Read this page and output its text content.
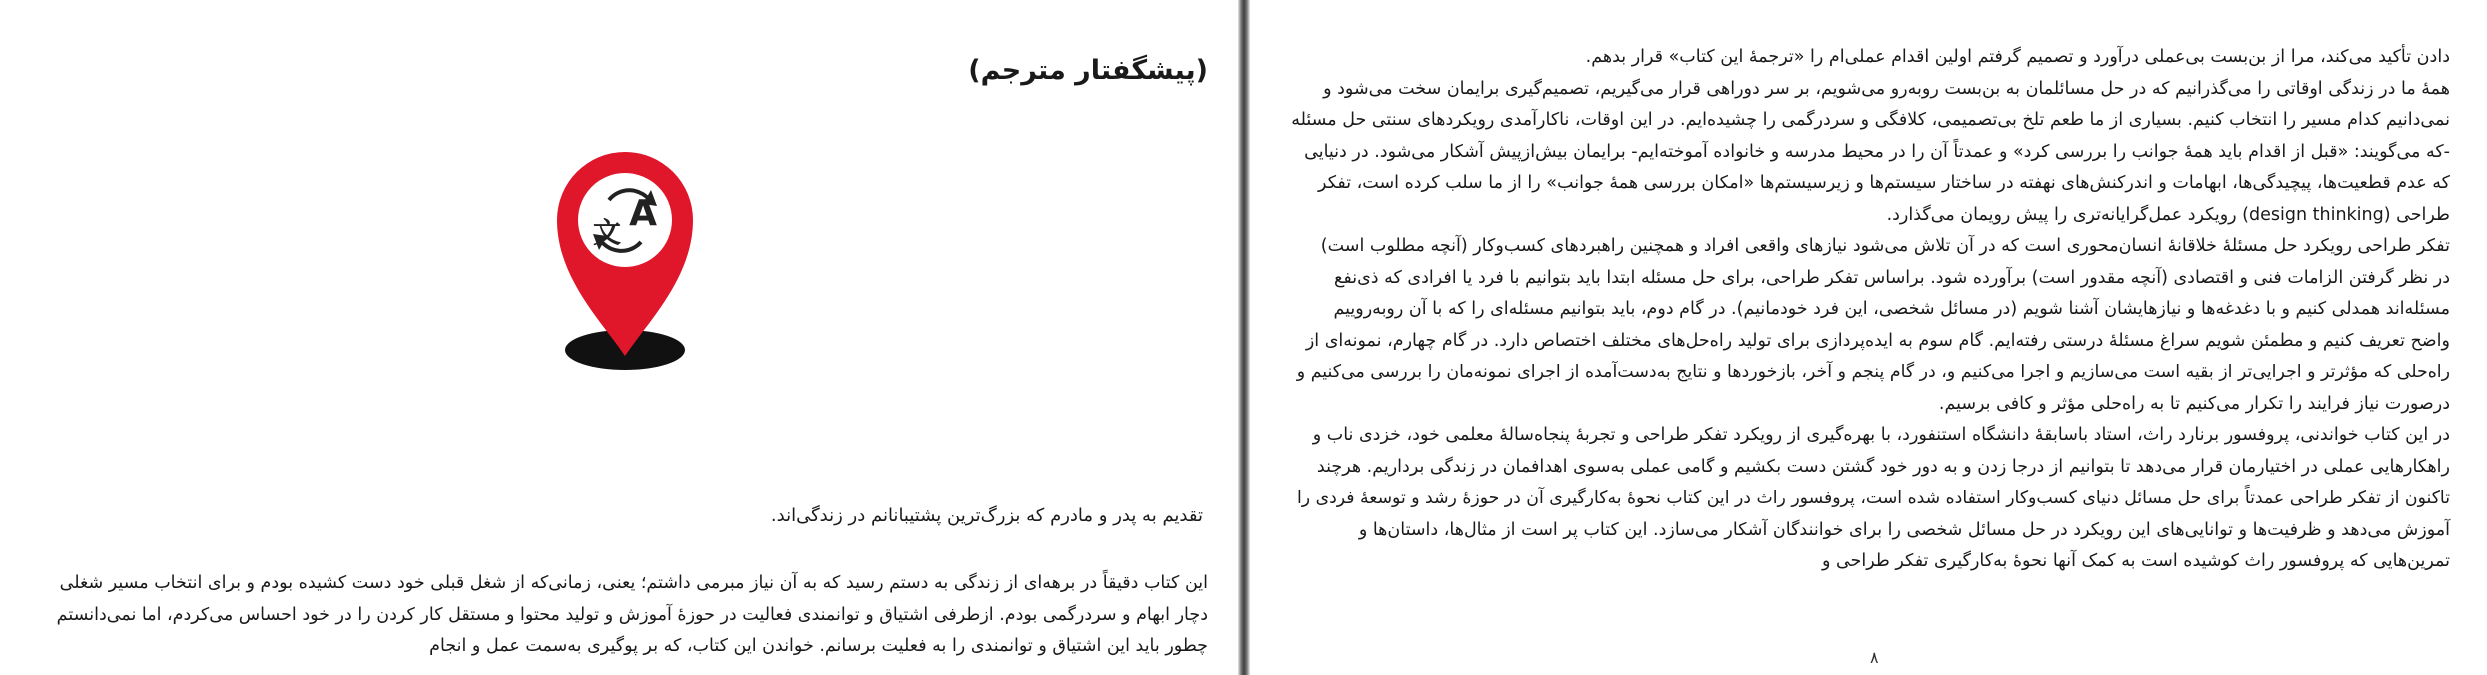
(پیشگفتار مترجم)
A
文
تقدیم به پدر و مادرم که بزرگ‌ترین پشتیبانانم در زندگی‌اند.
این کتاب دقیقاً در برهه‌ای از زندگی به دستم رسید که به آن نیاز مبرمی داشتم؛ یعنی، زمانی‌که از شغل قبلی خود دست کشیده بودم و برای انتخاب مسیر شغلی
دچار ابهام و سردرگمی بودم. ازطرفی اشتیاق و توانمندی فعالیت در حوزهٔ آموزش و تولید محتوا و مستقل کار کردن را در خود احساس می‌کردم، اما نمی‌دانستم
چطور باید این اشتیاق و توانمندی را به فعلیت برسانم. خواندن این کتاب، که بر پوگیری به‌سمت عمل و انجام
دادن تأکید می‌کند، مرا از بن‌بست بی‌عملی درآورد و تصمیم گرفتم اولین اقدام عملی‌ام را «ترجمهٔ این کتاب» قرار بدهم.
همهٔ ما در زندگی اوقاتی را می‌گذرانیم که در حل مسائلمان به بن‌بست روبه‌رو می‌شویم، بر سر دوراهی قرار می‌گیریم، تصمیم‌گیری برایمان سخت می‌شود و
نمی‌دانیم کدام مسیر را انتخاب کنیم. بسیاری از ما طعم تلخ بی‌تصمیمی، کلافگی و سردرگمی را چشیده‌ایم. در این اوقات، ناکارآمدی رویکردهای سنتی حل مسئله
-که می‌گویند: «قبل از اقدام باید همهٔ جوانب را بررسی کرد» و عمدتاً آن را در محیط مدرسه و خانواده آموخته‌ایم- برایمان بیش‌ازپیش آشکار می‌شود. در دنیایی
که عدم قطعیت‌ها، پیچیدگی‌ها، ابهامات و اندرکنش‌های نهفته در ساختار سیستم‌ها و زیرسیستم‌ها «امکان بررسی همهٔ جوانب» را از ما سلب کرده است، تفکر
طراحی (design thinking) رویکرد عمل‌گرایانه‌تری را پیش رویمان می‌گذارد.
تفکر طراحی رویکرد حل مسئلهٔ خلاقانهٔ انسان‌محوری است که در آن تلاش می‌شود نیازهای واقعی افراد و همچنین راهبردهای کسب‌وکار (آنچه مطلوب است)
در نظر گرفتن الزامات فنی و اقتصادی (آنچه مقدور است) برآورده شود. براساس تفکر طراحی، برای حل مسئله ابتدا باید بتوانیم با فرد یا افرادی که ذی‌نفع
مسئله‌اند همدلی کنیم و با دغدغه‌ها و نیازهایشان آشنا شویم (در مسائل شخصی، این فرد خودمانیم). در گام دوم، باید بتوانیم مسئله‌ای را که با آن روبه‌روییم
واضح تعریف کنیم و مطمئن شویم سراغ مسئلهٔ درستی رفته‌ایم. گام سوم به ایده‌پردازی برای تولید راه‌حل‌های مختلف اختصاص دارد. در گام چهارم، نمونه‌ای از
راه‌حلی که مؤثرتر و اجرایی‌تر از بقیه است می‌سازیم و اجرا می‌کنیم و، در گام پنجم و آخر، بازخوردها و نتایج به‌دست‌آمده از اجرای نمونه‌مان را بررسی می‌کنیم و
درصورت نیاز فرایند را تکرار می‌کنیم تا به راه‌حلی مؤثر و کافی برسیم.
در این کتاب خواندنی، پروفسور برنارد راث، استاد باسابقهٔ دانشگاه استنفورد، با بهره‌گیری از رویکرد تفکر طراحی و تجربهٔ پنجاه‌سالهٔ معلمی خود، خزدی ناب و
راهکارهایی عملی در اختیارمان قرار می‌دهد تا بتوانیم از درجا زدن و به دور خود گشتن دست بکشیم و گامی عملی به‌سوی اهدافمان در زندگی برداریم. هرچند
تاکنون از تفکر طراحی عمدتاً برای حل مسائل دنیای کسب‌وکار استفاده شده است، پروفسور راث در این کتاب نحوهٔ به‌کارگیری آن در حوزهٔ رشد و توسعهٔ فردی را
آموزش می‌دهد و ظرفیت‌ها و توانایی‌های این رویکرد در حل مسائل شخصی را برای خوانندگان آشکار می‌سازد. این کتاب پر است از مثال‌ها، داستان‌ها و
تمرین‌هایی که پروفسور راث کوشیده است به کمک آنها نحوهٔ به‌کارگیری تفکر طراحی و
۸
